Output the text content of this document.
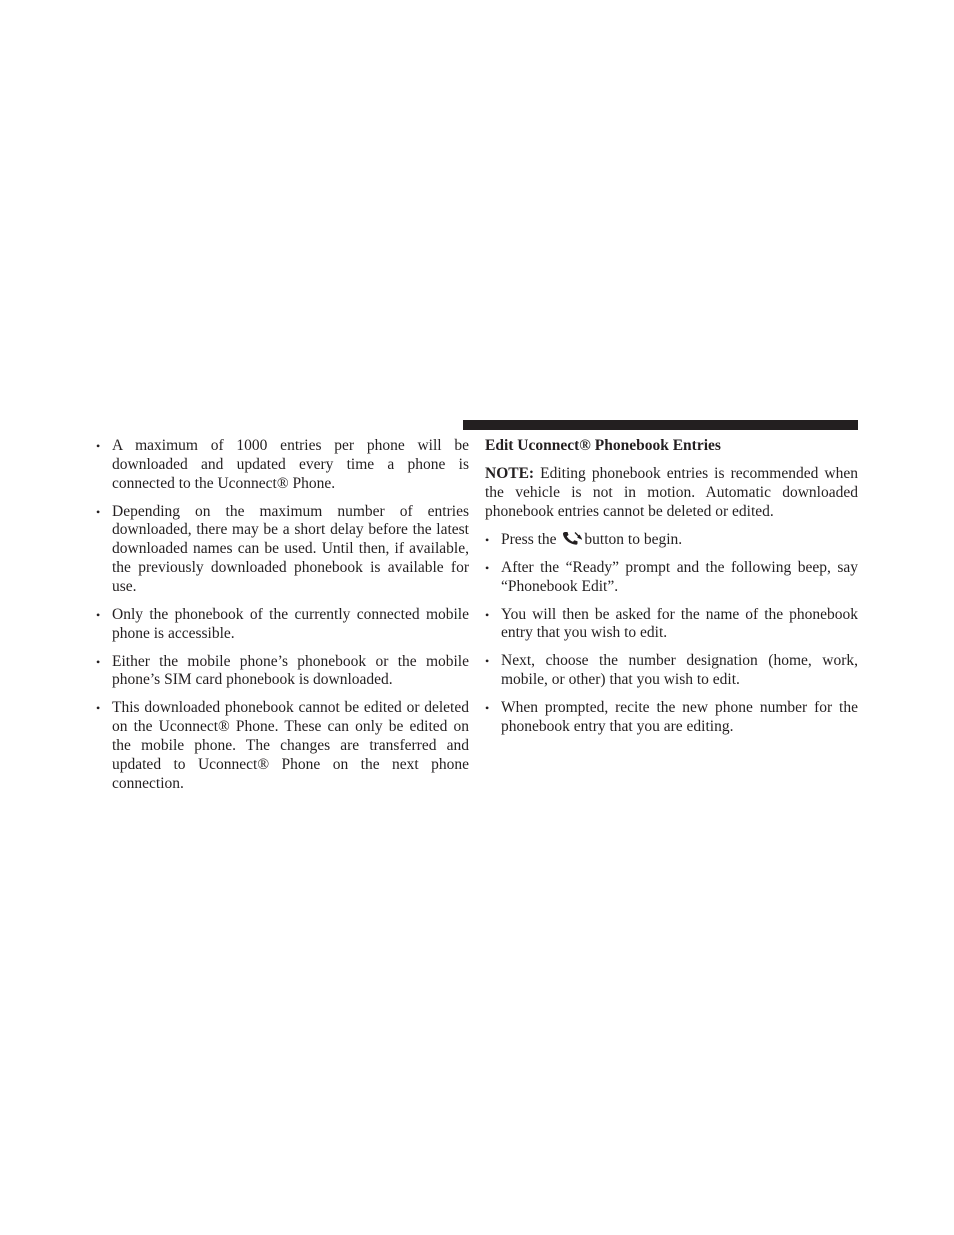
• A maximum of 1000 entries per phone will be downloaded and updated every time a phone is connected to the Uconnect® Phone.
• Depending on the maximum number of entries downloaded, there may be a short delay before the latest downloaded names can be used. Until then, if available, the previously downloaded phonebook is available for use.
• Only the phonebook of the currently connected mobile phone is accessible.
• Either the mobile phone’s phonebook or the mobile phone’s SIM card phonebook is downloaded.
• This downloaded phonebook cannot be edited or deleted on the Uconnect® Phone. These can only be edited on the mobile phone. The changes are transferred and updated to Uconnect® Phone on the next phone connection.
Edit Uconnect® Phonebook Entries

NOTE: Editing phonebook entries is recommended when the vehicle is not in motion. Automatic downloaded phonebook entries cannot be deleted or edited.

• Press the button to begin.
• After the “Ready” prompt and the following beep, say “Phonebook Edit”.
• You will then be asked for the name of the phonebook entry that you wish to edit.
• Next, choose the number designation (home, work, mobile, or other) that you wish to edit.
• When prompted, recite the new phone number for the phonebook entry that you are editing.
